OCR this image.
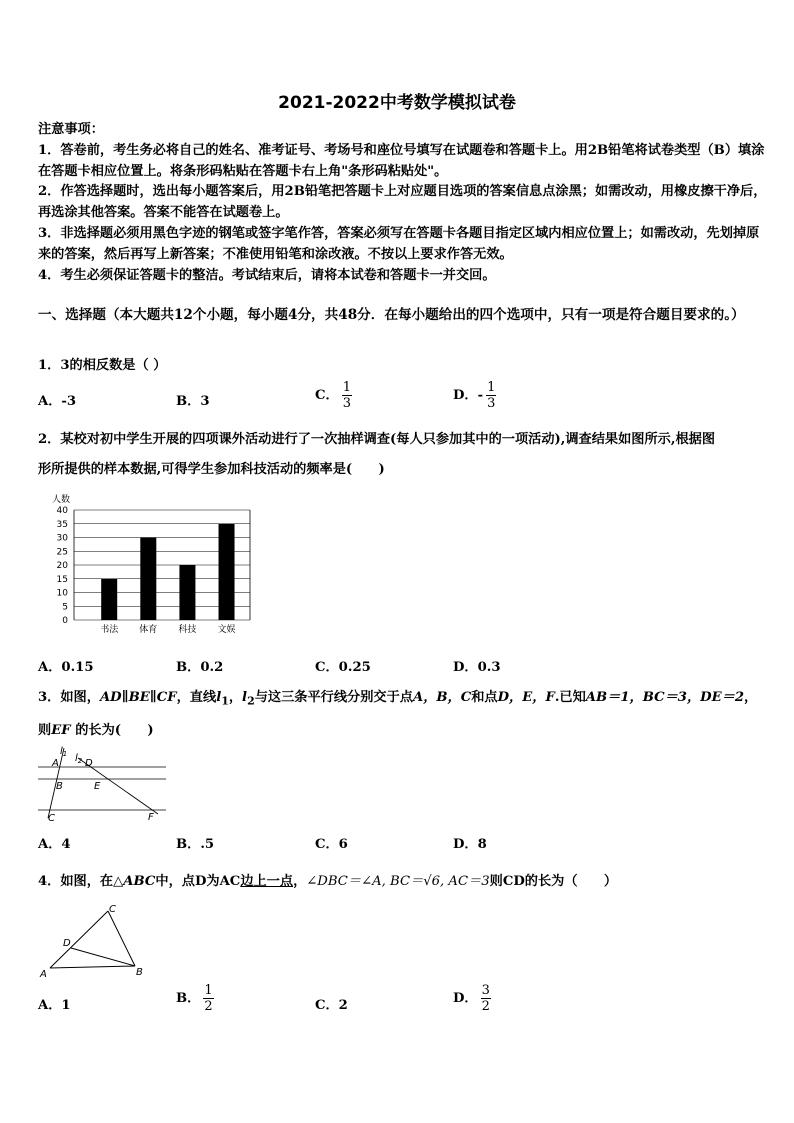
2021-2022中考数学模拟试卷
注意事项：
1．答卷前，考生务必将自己的姓名、准考证号、考场号和座位号填写在试题卷和答题卡上。用2B铅笔将试卷类型（B）填涂在答题卡相应位置上。将条形码粘贴在答题卡右上角"条形码粘贴处"。
2．作答选择题时，选出每小题答案后，用2B铅笔把答题卡上对应题目选项的答案信息点涂黑；如需改动，用橡皮擦干净后，再选涂其他答案。答案不能答在试题卷上。
3．非选择题必须用黑色字迹的钢笔或签字笔作答，答案必须写在答题卡各题目指定区域内相应位置上；如需改动，先划掉原来的答案，然后再写上新答案；不准使用铅笔和涂改液。不按以上要求作答无效。
4．考生必须保证答题卡的整洁。考试结束后，请将本试卷和答题卡一并交回。
一、选择题（本大题共12个小题，每小题4分，共48分．在每小题给出的四个选项中，只有一项是符合题目要求的。）
1．3的相反数是（ ）
A．-3	B．3	C． $\frac{1}{3}$	D．- $\frac{1}{3}$
2．某校对初中学生开展的四项课外活动进行了一次抽样调查(每人只参加其中的一项活动),调查结果如图所示,根据图
形所提供的样本数据,可得学生参加科技活动的频率是(　　)
人数
0
5
10
15
20
25
30
35
40
书法 体育 科技 文娱
A．0.15	B．0.2	C．0.25	D．0.3
3．如图，AD∥BE∥CF，直线$l_1$，$l_2$与这三条平行线分别交于点A，B，C和点D，E，F.已知AB＝1，BC＝3，DE＝2，
则EF 的长为(　　)
$l_1$ $l_2$
A	D
B	E
C	F
A．4	B．.5	C．6	D．8
4．如图，在△ABC中，点D为AC边上一点，∠DBC＝∠A, BC＝√6, AC＝3则CD的长为（　　）
C
D
A	B
A．1	B． $\frac{1}{2}$	C．2	D． $\frac{3}{2}$
